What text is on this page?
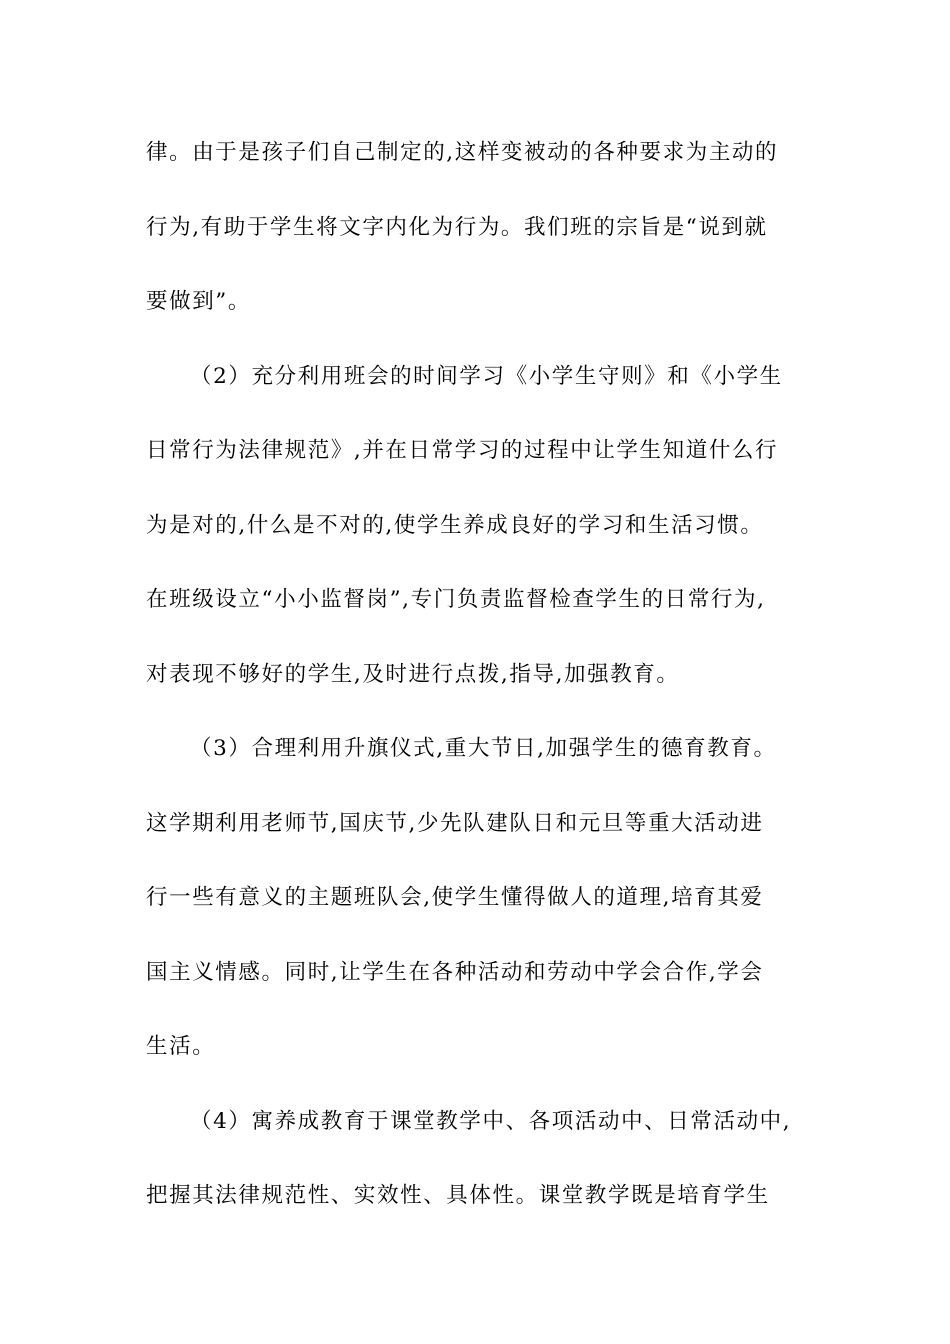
律。由于是孩子们自己制定的,这样变被动的各种要求为主动的
行为,有助于学生将文字内化为行为。我们班的宗旨是“说到就
要做到”。
（2）充分利用班会的时间学习《小学生守则》和《小学生
日常行为法律规范》,并在日常学习的过程中让学生知道什么行
为是对的,什么是不对的,使学生养成良好的学习和生活习惯。
在班级设立“小小监督岗”,专门负责监督检查学生的日常行为,
对表现不够好的学生,及时进行点拨,指导,加强教育。
（3）合理利用升旗仪式,重大节日,加强学生的德育教育。
这学期利用老师节,国庆节,少先队建队日和元旦等重大活动进
行一些有意义的主题班队会,使学生懂得做人的道理,培育其爱
国主义情感。同时,让学生在各种活动和劳动中学会合作,学会
生活。
（4）寓养成教育于课堂教学中、各项活动中、日常活动中,
把握其法律规范性、实效性、具体性。课堂教学既是培育学生
